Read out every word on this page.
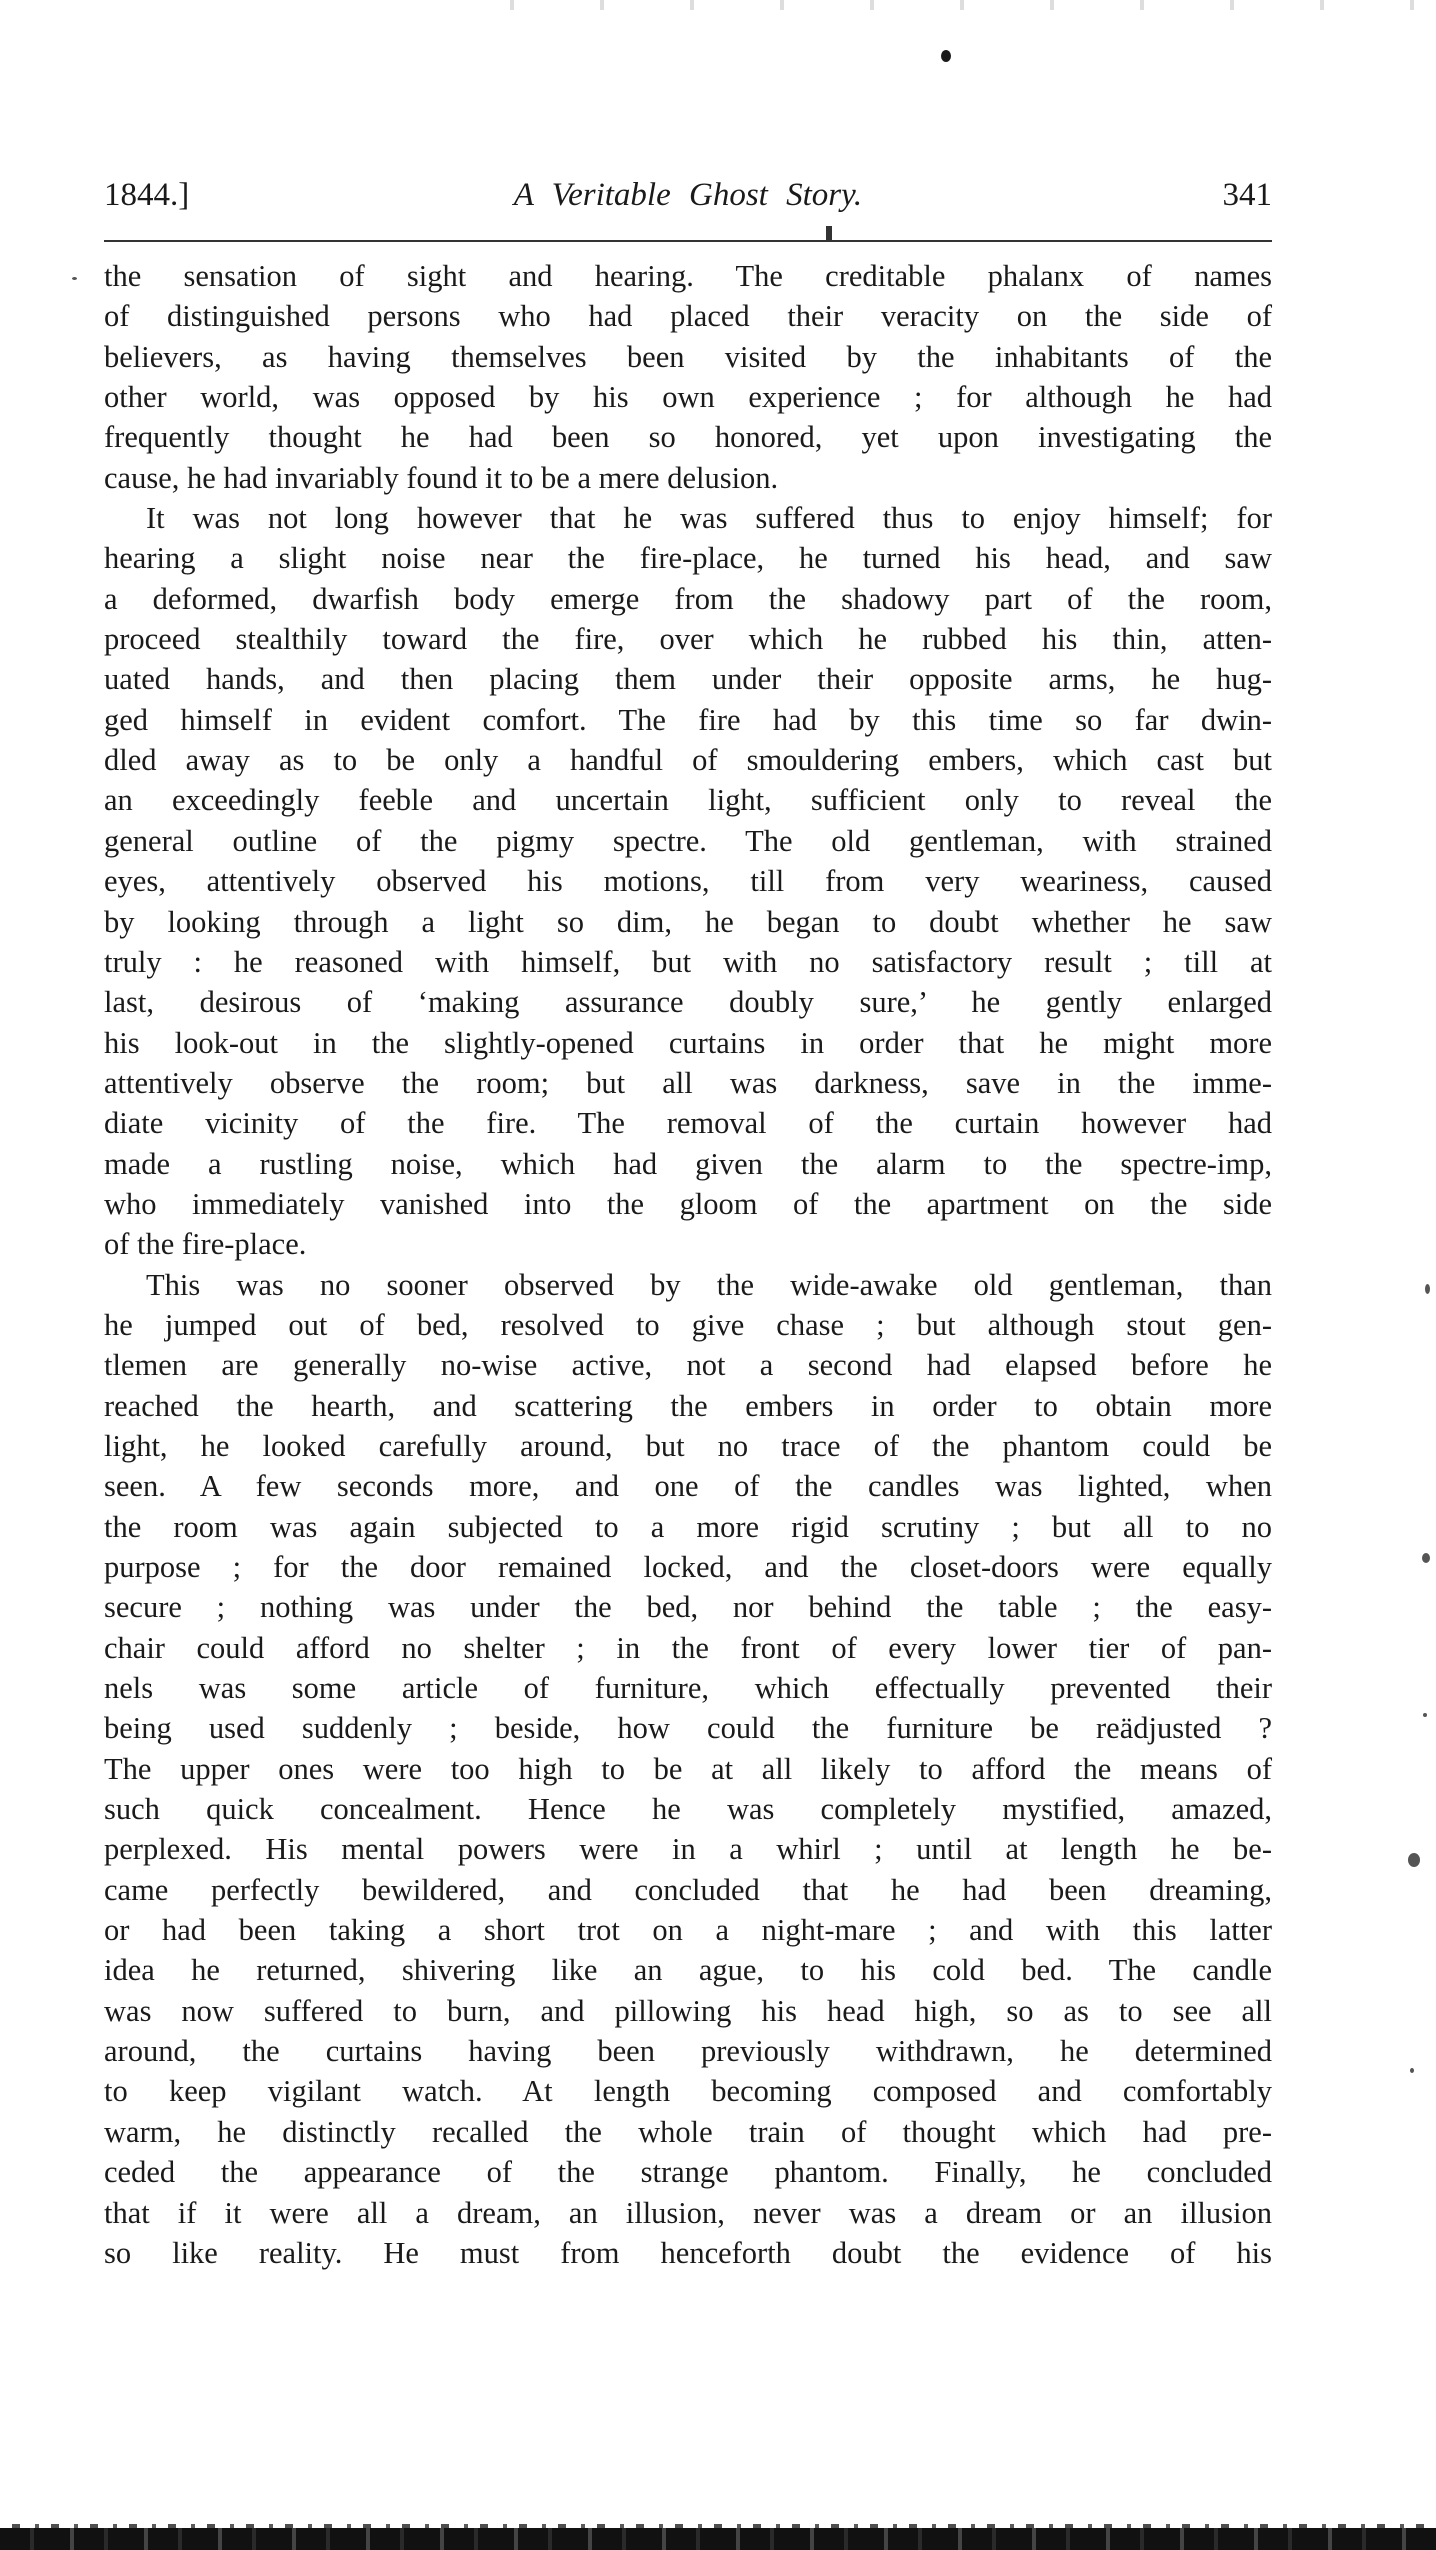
1844.]	A Veritable Ghost Story.	341
the sensation of sight and hearing. The creditable phalanx of names
of distinguished persons who had placed their veracity on the side of
believers, as having themselves been visited by the inhabitants of the
other world, was opposed by his own experience ; for although he had
frequently thought he had been so honored, yet upon investigating the
cause, he had invariably found it to be a mere delusion.
It was not long however that he was suffered thus to enjoy himself; for
hearing a slight noise near the fire-place, he turned his head, and saw
a deformed, dwarfish body emerge from the shadowy part of the room,
proceed stealthily toward the fire, over which he rubbed his thin, atten-
uated hands, and then placing them under their opposite arms, he hug-
ged himself in evident comfort. The fire had by this time so far dwin-
dled away as to be only a handful of smouldering embers, which cast but
an exceedingly feeble and uncertain light, sufficient only to reveal the
general outline of the pigmy spectre. The old gentleman, with strained
eyes, attentively observed his motions, till from very weariness, caused
by looking through a light so dim, he began to doubt whether he saw
truly : he reasoned with himself, but with no satisfactory result ; till at
last, desirous of ‘making assurance doubly sure,’ he gently enlarged
his look-out in the slightly-opened curtains in order that he might more
attentively observe the room; but all was darkness, save in the imme-
diate vicinity of the fire. The removal of the curtain however had
made a rustling noise, which had given the alarm to the spectre-imp,
who immediately vanished into the gloom of the apartment on the side
of the fire-place.
This was no sooner observed by the wide-awake old gentleman, than
he jumped out of bed, resolved to give chase ; but although stout gen-
tlemen are generally no-wise active, not a second had elapsed before he
reached the hearth, and scattering the embers in order to obtain more
light, he looked carefully around, but no trace of the phantom could be
seen. A few seconds more, and one of the candles was lighted, when
the room was again subjected to a more rigid scrutiny ; but all to no
purpose ; for the door remained locked, and the closet-doors were equally
secure ; nothing was under the bed, nor behind the table ; the easy-
chair could afford no shelter ; in the front of every lower tier of pan-
nels was some article of furniture, which effectually prevented their
being used suddenly ; beside, how could the furniture be reädjusted ?
The upper ones were too high to be at all likely to afford the means of
such quick concealment. Hence he was completely mystified, amazed,
perplexed. His mental powers were in a whirl ; until at length he be-
came perfectly bewildered, and concluded that he had been dreaming,
or had been taking a short trot on a night-mare ; and with this latter
idea he returned, shivering like an ague, to his cold bed. The candle
was now suffered to burn, and pillowing his head high, so as to see all
around, the curtains having been previously withdrawn, he determined
to keep vigilant watch. At length becoming composed and comfortably
warm, he distinctly recalled the whole train of thought which had pre-
ceded the appearance of the strange phantom. Finally, he concluded
that if it were all a dream, an illusion, never was a dream or an illusion
so like reality. He must from henceforth doubt the evidence of his
